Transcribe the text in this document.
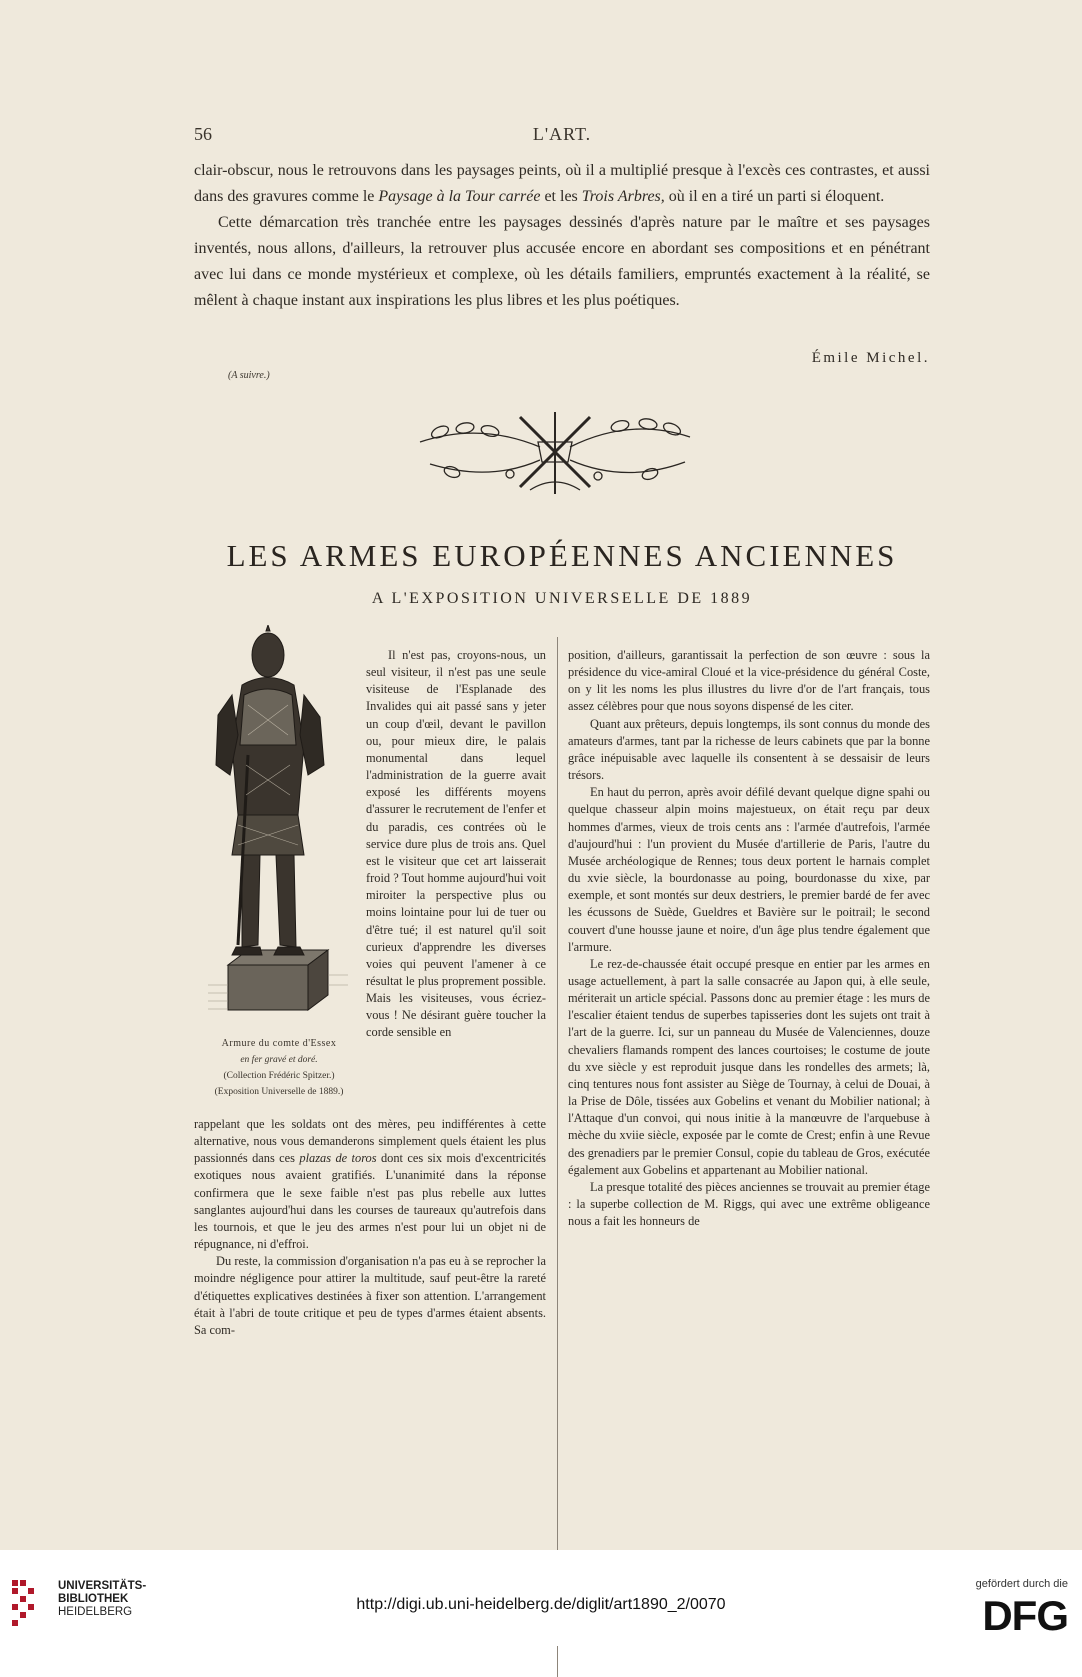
56	L'ART.

clair-obscur, nous le retrouvons dans les paysages peints, où il a multiplié presque à l'excès ces contrastes, et aussi dans des gravures comme le Paysage à la Tour carrée et les Trois Arbres, où il en a tiré un parti si éloquent.

Cette démarcation très tranchée entre les paysages dessinés d'après nature par le maître et ses paysages inventés, nous allons, d'ailleurs, la retrouver plus accusée encore en abordant ses compositions et en pénétrant avec lui dans ce monde mystérieux et complexe, où les détails familiers, empruntés exactement à la réalité, se mêlent à chaque instant aux inspirations les plus libres et les plus poétiques.

Émile Michel.
(A suivre.)
LES ARMES EUROPÉENNES ANCIENNES
A L'EXPOSITION UNIVERSELLE DE 1889
Armure du comte d'Essex
en fer gravé et doré.
(Collection Frédéric Spitzer.)
(Exposition Universelle de 1889.)

Il n'est pas, croyons-nous, un seul visiteur, il n'est pas une seule visiteuse de l'Esplanade des Invalides qui ait passé sans y jeter un coup d'œil, devant le pavillon ou, pour mieux dire, le palais monumental dans lequel l'administration de la guerre avait exposé les différents moyens d'assurer le recrutement de l'enfer et du paradis, ces contrées où le service dure plus de trois ans. Quel est le visiteur que cet art laisserait froid ? Tout homme aujourd'hui voit miroiter la perspective plus ou moins lointaine pour lui de tuer ou d'être tué; il est naturel qu'il soit curieux d'apprendre les diverses voies qui peuvent l'amener à ce résultat le plus proprement possible. Mais les visiteuses, vous écriez-vous ! Ne désirant guère toucher la corde sensible en

rappelant que les soldats ont des mères, peu indifférentes à cette alternative, nous vous demanderons simplement quels étaient les plus passionnés dans ces plazas de toros dont ces six mois d'excentricités exotiques nous avaient gratifiés. L'unanimité dans la réponse confirmera que le sexe faible n'est pas plus rebelle aux luttes sanglantes aujourd'hui dans les courses de taureaux qu'autrefois dans les tournois, et que le jeu des armes n'est pour lui un objet ni de répugnance, ni d'effroi.

Du reste, la commission d'organisation n'a pas eu à se reprocher la moindre négligence pour attirer la multitude, sauf peut-être la rareté d'étiquettes explicatives destinées à fixer son attention. L'arrangement était à l'abri de toute critique et peu de types d'armes étaient absents. Sa com-

position, d'ailleurs, garantissait la perfection de son œuvre : sous la présidence du vice-amiral Cloué et la vice-présidence du général Coste, on y lit les noms les plus illustres du livre d'or de l'art français, tous assez célèbres pour que nous soyons dispensé de les citer.

Quant aux prêteurs, depuis longtemps, ils sont connus du monde des amateurs d'armes, tant par la richesse de leurs cabinets que par la bonne grâce inépuisable avec laquelle ils consentent à se dessaisir de leurs trésors.

En haut du perron, après avoir défilé devant quelque digne spahi ou quelque chasseur alpin moins majestueux, on était reçu par deux hommes d'armes, vieux de trois cents ans : l'armée d'autrefois, l'armée d'aujourd'hui : l'un provient du Musée d'artillerie de Paris, l'autre du Musée archéologique de Rennes; tous deux portent le harnais complet du xvie siècle, la bourdonasse au poing, bourdonasse du xixe, par exemple, et sont montés sur deux destriers, le premier bardé de fer avec les écussons de Suède, Gueldres et Bavière sur le poitrail; le second couvert d'une housse jaune et noire, d'un âge plus tendre également que l'armure.

Le rez-de-chaussée était occupé presque en entier par les armes en usage actuellement, à part la salle consacrée au Japon qui, à elle seule, mériterait un article spécial. Passons donc au premier étage : les murs de l'escalier étaient tendus de superbes tapisseries dont les sujets ont trait à l'art de la guerre. Ici, sur un panneau du Musée de Valenciennes, douze chevaliers flamands rompent des lances courtoises; le costume de joute du xve siècle y est reproduit jusque dans les rondelles des armets; là, cinq tentures nous font assister au Siège de Tournay, à celui de Douai, à la Prise de Dôle, tissées aux Gobelins et venant du Mobilier national; à l'Attaque d'un convoi, qui nous initie à la manœuvre de l'arquebuse à mèche du xviie siècle, exposée par le comte de Crest; enfin à une Revue des grenadiers par le premier Consul, copie du tableau de Gros, exécutée également aux Gobelins et appartenant au Mobilier national.

La presque totalité des pièces anciennes se trouvait au premier étage : la superbe collection de M. Riggs, qui avec une extrême obligeance nous a fait les honneurs de

UNIVERSITÄTS-
BIBLIOTHEK
HEIDELBERG	http://digi.ub.uni-heidelberg.de/diglit/art1890_2/0070
gefördert durch die
DFG
